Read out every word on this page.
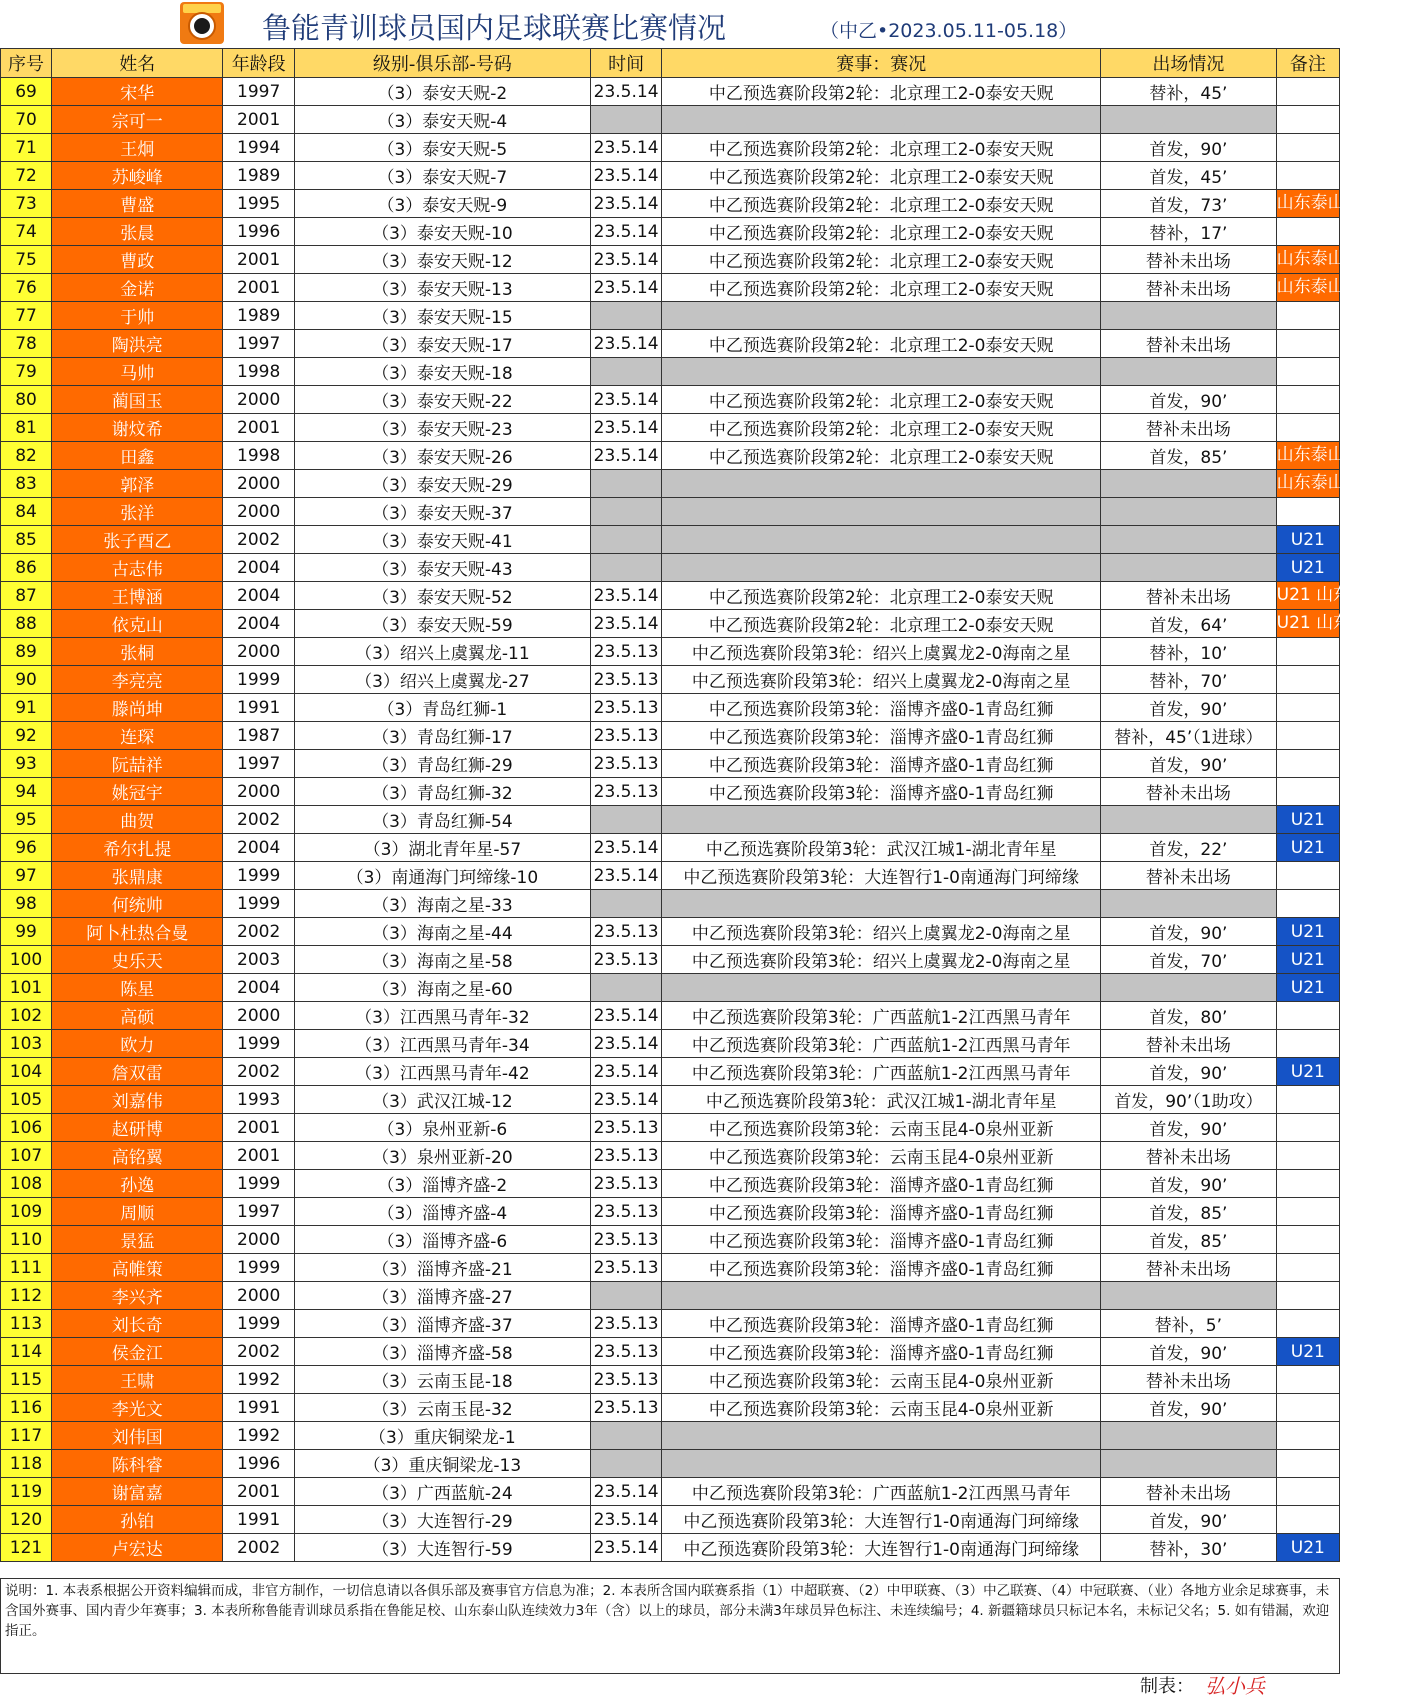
鲁能青训球员国内足球联赛比赛情况	（中乙•2023.05.11-05.18）
序号	姓名	年龄段	级别-俱乐部-号码	时间	赛事：赛况	出场情况	备注
69	宋华	1997	（3）泰安天贶-2	23.5.14	中乙预选赛阶段第2轮：北京理工2-0泰安天贶	替补，45’	
70	宗可一	2001	（3）泰安天贶-4				
71	王炯	1994	（3）泰安天贶-5	23.5.14	中乙预选赛阶段第2轮：北京理工2-0泰安天贶	首发，90’	
72	苏峻峰	1989	（3）泰安天贶-7	23.5.14	中乙预选赛阶段第2轮：北京理工2-0泰安天贶	首发，45’	
73	曹盛	1995	（3）泰安天贶-9	23.5.14	中乙预选赛阶段第2轮：北京理工2-0泰安天贶	首发，73’	山东泰山租
74	张晨	1996	（3）泰安天贶-10	23.5.14	中乙预选赛阶段第2轮：北京理工2-0泰安天贶	替补，17’	
75	曹政	2001	（3）泰安天贶-12	23.5.14	中乙预选赛阶段第2轮：北京理工2-0泰安天贶	替补未出场	山东泰山租
76	金诺	2001	（3）泰安天贶-13	23.5.14	中乙预选赛阶段第2轮：北京理工2-0泰安天贶	替补未出场	山东泰山租
77	于帅	1989	（3）泰安天贶-15				
78	陶洪亮	1997	（3）泰安天贶-17	23.5.14	中乙预选赛阶段第2轮：北京理工2-0泰安天贶	替补未出场	
79	马帅	1998	（3）泰安天贶-18				
80	蔺国玉	2000	（3）泰安天贶-22	23.5.14	中乙预选赛阶段第2轮：北京理工2-0泰安天贶	首发，90’	
81	谢炆希	2001	（3）泰安天贶-23	23.5.14	中乙预选赛阶段第2轮：北京理工2-0泰安天贶	替补未出场	
82	田鑫	1998	（3）泰安天贶-26	23.5.14	中乙预选赛阶段第2轮：北京理工2-0泰安天贶	首发，85’	山东泰山租
83	郭泽	2000	（3）泰安天贶-29				山东泰山租
84	张洋	2000	（3）泰安天贶-37				
85	张子酉乙	2002	（3）泰安天贶-41				U21
86	古志伟	2004	（3）泰安天贶-43				U21
87	王博涵	2004	（3）泰安天贶-52	23.5.14	中乙预选赛阶段第2轮：北京理工2-0泰安天贶	替补未出场	U21 山东泰山租
88	依克山	2004	（3）泰安天贶-59	23.5.14	中乙预选赛阶段第2轮：北京理工2-0泰安天贶	首发，64’	U21 山东泰山租
89	张桐	2000	（3）绍兴上虞翼龙-11	23.5.13	中乙预选赛阶段第3轮：绍兴上虞翼龙2-0海南之星	替补，10’	
90	李亮亮	1999	（3）绍兴上虞翼龙-27	23.5.13	中乙预选赛阶段第3轮：绍兴上虞翼龙2-0海南之星	替补，70’	
91	滕尚坤	1991	（3）青岛红狮-1	23.5.13	中乙预选赛阶段第3轮：淄博齐盛0-1青岛红狮	首发，90’	
92	连琛	1987	（3）青岛红狮-17	23.5.13	中乙预选赛阶段第3轮：淄博齐盛0-1青岛红狮	替补，45’（1进球）	
93	阮喆祥	1997	（3）青岛红狮-29	23.5.13	中乙预选赛阶段第3轮：淄博齐盛0-1青岛红狮	首发，90’	
94	姚冠宇	2000	（3）青岛红狮-32	23.5.13	中乙预选赛阶段第3轮：淄博齐盛0-1青岛红狮	替补未出场	
95	曲贺	2002	（3）青岛红狮-54				U21
96	希尔扎提	2004	（3）湖北青年星-57	23.5.14	中乙预选赛阶段第3轮：武汉江城1-湖北青年星	首发，22’	U21
97	张鼎康	1999	（3）南通海门珂缔缘-10	23.5.14	中乙预选赛阶段第3轮：大连智行1-0南通海门珂缔缘	替补未出场	
98	何统帅	1999	（3）海南之星-33				
99	阿卜杜热合曼	2002	（3）海南之星-44	23.5.13	中乙预选赛阶段第3轮：绍兴上虞翼龙2-0海南之星	首发，90’	U21
100	史乐天	2003	（3）海南之星-58	23.5.13	中乙预选赛阶段第3轮：绍兴上虞翼龙2-0海南之星	首发，70’	U21
101	陈星	2004	（3）海南之星-60				U21
102	高硕	2000	（3）江西黑马青年-32	23.5.14	中乙预选赛阶段第3轮：广西蓝航1-2江西黑马青年	首发，80’	
103	欧力	1999	（3）江西黑马青年-34	23.5.14	中乙预选赛阶段第3轮：广西蓝航1-2江西黑马青年	替补未出场	
104	詹双雷	2002	（3）江西黑马青年-42	23.5.14	中乙预选赛阶段第3轮：广西蓝航1-2江西黑马青年	首发，90’	U21
105	刘嘉伟	1993	（3）武汉江城-12	23.5.14	中乙预选赛阶段第3轮：武汉江城1-湖北青年星	首发，90’（1助攻）	
106	赵研博	2001	（3）泉州亚新-6	23.5.13	中乙预选赛阶段第3轮：云南玉昆4-0泉州亚新	首发，90’	
107	高铭翼	2001	（3）泉州亚新-20	23.5.13	中乙预选赛阶段第3轮：云南玉昆4-0泉州亚新	替补未出场	
108	孙逸	1999	（3）淄博齐盛-2	23.5.13	中乙预选赛阶段第3轮：淄博齐盛0-1青岛红狮	首发，90’	
109	周顺	1997	（3）淄博齐盛-4	23.5.13	中乙预选赛阶段第3轮：淄博齐盛0-1青岛红狮	首发，85’	
110	景猛	2000	（3）淄博齐盛-6	23.5.13	中乙预选赛阶段第3轮：淄博齐盛0-1青岛红狮	首发，85’	
111	高帷策	1999	（3）淄博齐盛-21	23.5.13	中乙预选赛阶段第3轮：淄博齐盛0-1青岛红狮	替补未出场	
112	李兴齐	2000	（3）淄博齐盛-27				
113	刘长奇	1999	（3）淄博齐盛-37	23.5.13	中乙预选赛阶段第3轮：淄博齐盛0-1青岛红狮	替补，5’	
114	侯金江	2002	（3）淄博齐盛-58	23.5.13	中乙预选赛阶段第3轮：淄博齐盛0-1青岛红狮	首发，90’	U21
115	王啸	1992	（3）云南玉昆-18	23.5.13	中乙预选赛阶段第3轮：云南玉昆4-0泉州亚新	替补未出场	
116	李光文	1991	（3）云南玉昆-32	23.5.13	中乙预选赛阶段第3轮：云南玉昆4-0泉州亚新	首发，90’	
117	刘伟国	1992	（3）重庆铜梁龙-1				
118	陈科睿	1996	（3）重庆铜梁龙-13				
119	谢富嘉	2001	（3）广西蓝航-24	23.5.14	中乙预选赛阶段第3轮：广西蓝航1-2江西黑马青年	替补未出场	
120	孙铂	1991	（3）大连智行-29	23.5.14	中乙预选赛阶段第3轮：大连智行1-0南通海门珂缔缘	首发，90’	
121	卢宏达	2002	（3）大连智行-59	23.5.14	中乙预选赛阶段第3轮：大连智行1-0南通海门珂缔缘	替补，30’	U21
说明：1. 本表系根据公开资料编辑而成，非官方制作，一切信息请以各俱乐部及赛事官方信息为准；2. 本表所含国内联赛系指（1）中超联赛、（2）中甲联赛、（3）中乙联赛、（4）中冠联赛、（业）各地方业余足球赛事，未含国外赛事、国内青少年赛事；3. 本表所称鲁能青训球员系指在鲁能足校、山东泰山队连续效力3年（含）以上的球员，部分未满3年球员异色标注、未连续编号；4. 新疆籍球员只标记本名，未标记父名；5. 如有错漏，欢迎指正。
制表： 弘小兵
